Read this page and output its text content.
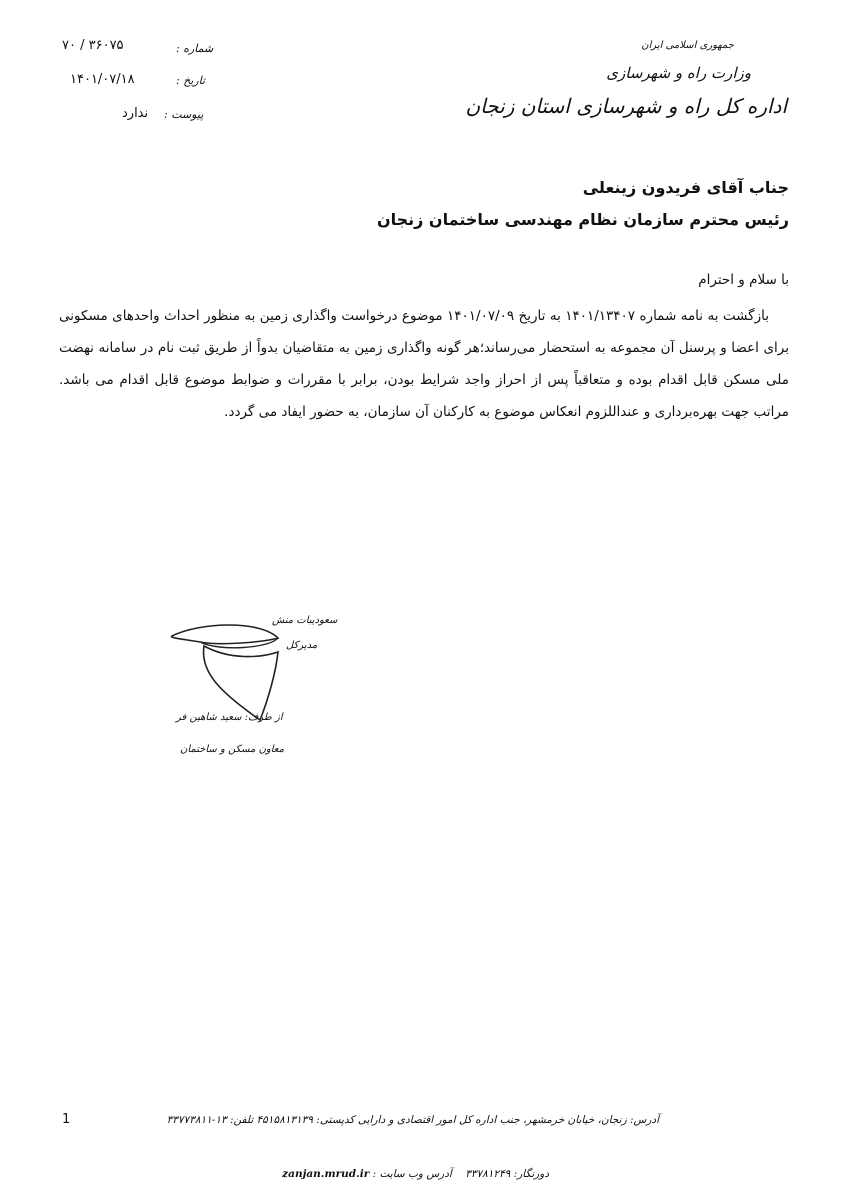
جمهوری اسلامی ایران
وزارت راه و شهرسازی
اداره کل راه و شهرسازی استان زنجان
شماره :
۳۶۰۷۵ / ۷۰
تاریخ :
۱۴۰۱/۰۷/۱۸
پیوست :
ندارد
جناب آقای فریدون زینعلی
رئیس محترم سازمان نظام مهندسی ساختمان زنجان
با سلام و احترام

بازگشت به نامه شماره ۱۴۰۱/۱۳۴۰۷ به تاریخ ۱۴۰۱/۰۷/۰۹ موضوع درخواست واگذاری زمین به منظور احداث واحدهای مسکونی برای اعضا و پرسنل آن مجموعه به استحضار می‌رساند؛هر گونه واگذاری زمین به متقاضیان بدواً از طریق ثبت نام در سامانه نهضت ملی مسکن قابل اقدام بوده و متعاقباً پس از احراز واجد شرایط بودن، برابر با مقررات و ضوابط موضوع قابل اقدام می باشد. مراتب جهت بهره‌برداری و عنداللزوم انعکاس موضوع به کارکنان آن سازمان، به حضور ایفاد می گردد.

سعودیبات منش
مدیرکل
از طرف: سعید شاهین فر
معاون مسکن و ساختمان
1	آدرس: زنجان، خیابان خرمشهر، جنب اداره کل امور اقتصادی و دارایی کدپستی: ۴۵۱۵۸۱۳۱۳۹ تلفن: ۱۳-۳۳۷۷۳۸۱۱
دورنگار: ۳۳۷۸۱۲۴۹    آدرس وب سایت : zanjan.mrud.ir
